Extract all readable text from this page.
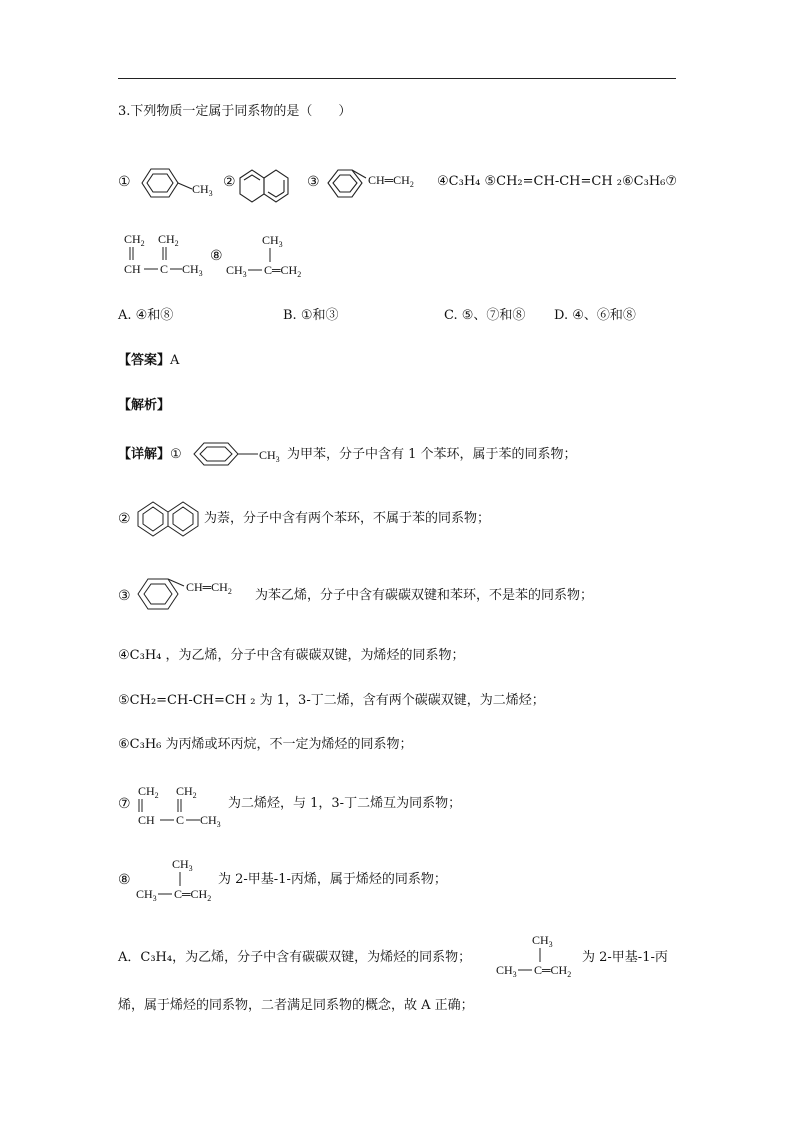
3.下列物质一定属于同系物的是（　　）
①	$CH_3$
②	③	$CH═CH_2$ ④C₃H₄ ⑤CH₂=CH-CH=CH ₂⑥C₃H₆⑦
$CH_2$ $CH_2$
CH C $CH_3$
⑧
$CH_3$
$CH_3$ $C═CH_2$
A. ④和⑧	B. ①和③	C. ⑤、⑦和⑧ D. ④、⑥和⑧
【答案】A
【解析】
【详解】①	$CH_3$ 为甲苯，分子中含有 1 个苯环，属于苯的同系物；
②	为萘，分子中含有两个苯环，不属于苯的同系物；
③
$CH═CH_2$ 为苯乙烯，分子中含有碳碳双键和苯环，不是苯的同系物；
④C₃H₄ ，为乙烯，分子中含有碳碳双键，为烯烃的同系物；
⑤CH₂=CH-CH=CH ₂ 为 1，3-丁二烯，含有两个碳碳双键，为二烯烃；
⑥C₃H₆ 为丙烯或环丙烷，不一定为烯烃的同系物；
⑦
$CH_2$ $CH_2$
CH C $CH_3$
为二烯烃，与 1，3-丁二烯互为同系物；
⑧
$CH_3$
$CH_3$ $C═CH_2$
为 2-甲基-1-丙烯，属于烯烃的同系物；
A．C₃H₄，为乙烯，分子中含有碳碳双键，为烯烃的同系物；
$CH_3$
$CH_3$ $C═CH_2$
为 2-甲基-1-丙
烯，属于烯烃的同系物，二者满足同系物的概念，故 A 正确；
